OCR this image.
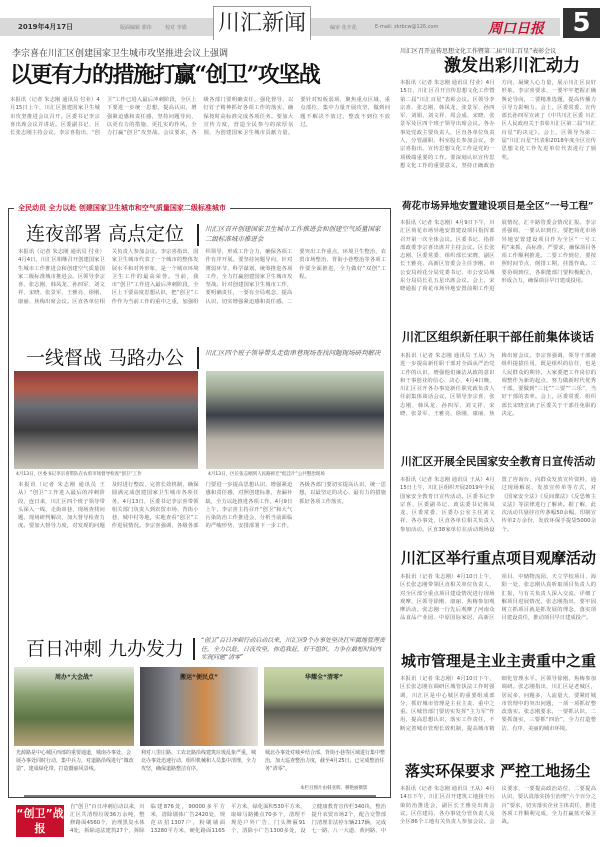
2019年4月17日	版面编辑 郭伟	校对 李娟	编审 花开花	E-mail: zkrbcw@126.com
川汇新闻	周口日报	5
李宗喜在川汇区创建国家卫生城市攻坚推进会议上强调
以更有力的措施打赢“创卫”攻坚战
本报讯（记者 朱志刚 通讯员 付业）4月15日上午，川汇区创建国家卫生城市攻坚推进会议召开。区委书记李宗喜出席会议并讲话。区委副书记、区长张志刚主持会议。李宗喜指出，“创卫”工作已进入最后冲刺阶段，全区上下要进一步统一思想，提高认识，增强紧迫感和责任感，坚持问题导向，以更有力的措施、更扎实的作风，全力打赢“创卫”攻坚战。会议要求，各级各部门要明确责任，强化督导，以钉钉子精神抓好各项工作的落实，确保按时高标准完成各项任务。要加大宣传力度，营造全民参与的浓厚氛围，为创建国家卫生城市贡献力量。要针对短板弱项，聚焦重点区域、重点部位，集中力量开展攻坚，做到问题不解决不放过，整改不到位不放过。
全民动员 全力以赴 创建国家卫生城市和空气质量国家二级标准城市
连夜部署 高点定位	川汇区召开创建国家卫生城市工作推进会和创建空气质量国家二级标准城市推进会
本报讯（记者 朱志刚 通讯员 付业）4月4日，川汇区相继召开创建国家卫生城市工作推进会和创建空气质量国家二级标准城市推进会。区领导李宗喜、张志刚、韩凤龙、孙四军、刘文祥、宋晓、张景军、王雅亮、徐刚、康丽、焦梅出席会议。区直各单位相关负责人参加会议。李宗喜指出，国家卫生城市代表了一个城市的整体发展水平和对外形象，是一个城市环境卫生工作的最高荣誉。当前，我市“创卫”工作进入最后冲刺阶段，全区上下要高度思想认识，把“创卫”工作作为当前工作的重中之重，加强组织领导，形成工作合力，确保各项工作有序开展。要坚持问题导向，针对薄弱环节，科学谋划，统筹推进各项工作，全力打赢创建国家卫生城市攻坚战。针对创建国家卫生城市工作，要明确责任，一要有全局观念，提高认识，切实增强紧迫感和责任感。二要突出工作重点，环境卫生整治、农贸市场整治、背街小巷整治等各项工作要全面推进，全力做好“双创”工程。
一线督战 马路办公	川汇区四个班子领导带头走街串巷现场查找问题现场研判解决
4月13日，区委书记李宗喜带队在农贸市场督导检查“创卫”工作	4月13日，区长张志刚到人民路拆迁“低洼片”公共整治现场
本报讯（记者 朱志刚 通讯员 王从）“创卫”工作进入最后的冲刺阶段，连日来，川汇区四个班子领导带头深入一线，走街串巷，现场查找问题，现场研判解决，加大督导检查力度。要加大督导力度，对发现的问题及时进行整改，完善长效机制，确保圆满完成创建国家卫生城市各项任务。4月13日，区委书记李宗喜带领相关部门负责人到农贸市场、背街小巷、城中村等地，实地查看“创卫”工作进展情况。李宗喜强调，各级各部门要进一步提高思想认识，增强紧迫感和责任感，对照创建标准，查漏补缺，全力以赴推进各项工作。4月9日上午，李宗喜主持召开“创卫”和大气污染防治工作推进会，分析当前面临的严峻形势，安排部署下一步工作，各级各部门要切实提高认识，统一思想，以最坚定的决心、最有力的措施抓好各项工作落实。
百日冲刺 九办发力	“创卫”百日冲刺行动启动以来，川汇区9个办事处坚决扛牢属地管理责任，全力以赴，日夜攻坚，你追我赶，好干组织，力争在最短时间内实现问题“清零”
周办“大会战”	搬运“便民点”	华耀全“清零”
光源路是中心城区西部的重要通道，城南办事处、会展办事处同时行动，集中兵力，对道路沿线进行“微改造”，建成绿化带，打造靓丽风景线。
利对八里庄路、工农北路沿线建筑垃圾乱象严重，城北办事处迅速行动，组织机械和人员集中清理，全力攻坚，确保道路整洁有序。
城北办事处对城乡结合部、背街小巷等区域进行集中整治，加大巡查整治力度，截至4月25日，已完成整治任务“清零”。
本栏目图片由韩亚辉、穆艳丽摄影
“创卫”战报
自“创卫”百日冲刺启动以来，川汇区共清理垃圾36万余吨，整修路面4560个，治理黑臭水体4处，拆除违法建筑27个，拆除临建876处，90000多平方米，清除墙体广告2420处，规范店招1307户，粉刷墙面13280平方米，硬化路面1165平方米，绿化面积530平方米，取缔马路摊点70多个，清理不规范户外广告，门头牌匾91个，清除小广告1300多处，设立健康教育宣传栏340块，整治提升农贸市场2个，配合交警部门清理非法停车辆217辆，完成七一路、八一大道、黄河路、中
川汇区召开宣传思想文化工作暨第二届“川汇百星”表彰会议
激发出彩川汇动力
本报讯（记者 朱志刚 通讯员 付业）4月15日，川汇区召开宣传思想文化工作暨第二届“川汇百星”表彰会议。区领导李宗喜、张志刚、韩凤龙、张景军、孙四军、刘娟、刘文祥、周会成、宋晓、张景军及区四个班子领导出席会议。各办事处党政主要负责人，区直各单位负责人，分管副职、科室股长参加会议。李宗喜指出，宣传思想文化工作是党的一项极端重要的工作。要深刻认识宣传思想文化工作的重要意义，坚持正确政治方向，凝聚人心力量，展示川汇区良好形象。李宗喜要求，一要牢牢把握正确舆论导向，二要精准选题，提高传播力引导力影响力。会上，区委常委、宣传部长孙四军宣读了《中共川汇区委 川汇区人民政府关于表彰川汇区第二届“川汇百星”的决定》。会上，区领导为第二届“川汇百星”代表和2018年度全区宣传思想文化工作先进单位代表进行了颁奖。
荷花市场异地安置建设项目是全区“一号工程”
本报讯（记者 朱志刚）4月9日下午，川汇区荷花市场异地安置建设项目指挥部召开第一次全体会议。区委书记、指挥部政委李宗喜出席并主持会议。区长张志刚、区委常委、组织部长宋晓、副区长王雅亮、高新区管委会主任李刚、市公安局荷花分局党委书记、市公安局城东分局局长孔五星出席会议。会上，宋晓通报了荷花市场异地安置前期工作进展情况，汇丰路管委会情况汇报。李宗喜强调，一要认识到位，要把荷花市场异地安置建设项目作为全区“一号工程”来抓，高标准、严要求，确保项目各项工作顺利推进。二要工作到位，要按照时间节点，倒排工期，挂图作战。三要协调到位，各职能部门要积极配合，形成合力，确保项目早日建成投用。
川汇区组织新任职干部任前集体谈话
本报讯（记者 朱志刚 通讯员 王从）为进一步提高新任职干部对全面从严治党工作的认识，增强他们廉洁从政的意识和干事创业的信心、决心，4月4日晚，川汇区召开各办事处新任职党政负责人任前集体谈话会议。区领导李宗喜、张志刚、韩凤龙、孙四军、刘文祥、宋晓、张景军、王雅亮、徐刚、康丽、焦梅出席会议。李宗喜强调，领导干部被组织提拔任用，既是组织的信任，也是人民群众的期待。大家要把工作岗位的调整作为新的起点，努力做新时代优秀干部。要做到“三比”“三要”“三乐”，当好干部的表率。会上，区委常委、组织部长宋晓宣读了区委关于干部任免职的决定。
川汇区开展全民国家安全教育日宣传活动
本报讯（记者 朱志刚 通讯员 王从）4月15日上午，川汇区组织开展2019年全民国家安全教育日宣传活动。区委书记李宗喜、区委副书记、政法委书记韩凤龙、区委常委、区委办公室主任刘文祥、各办事处、区直各单位相关负责人参加活动。区直38家单位在活动现场设置了咨询台，向群众发放宣传资料，通过现场解说、发放宣传单等方式，对《国家安全法》《反间谍法》《反恐怖主义法》等法律进行了解读。据了解，此次活动共悬挂宣传条幅50余幅，印制宣传单2万余份，发放环保手提袋5000余个。
川汇区举行重点项目观摩活动
本报讯（记者 朱志刚）4月10日上午，区长张志刚带领区直相关单位负责人，对全区部分重点项目建设情况进行现场观摩，区领导徐刚、康丽、焦梅参加观摩活动。张志刚一行先后观摩了河南众品食品产业园、中原国际家居、高新区项目、中储物流园、天立学校项目、海阳一处、张志刚认真听取项目负责人的汇报，与有关负责人深入交流，详细了解项目进展情况。张志刚指出，要牢固树立抓项目就是抓发展的理念，落实项目建设责任，推动项目早日建成投产。
城市管理是主业主责重中之重
本报讯（记者 朱志刚）4月10日下午，区长张志刚在调研区城管执法工作时强调，川汇区是中心城区的重要组成部分，抓好城市管理是主业主责、重中之重。区城管部门要切实发挥“主力军”作用，提高思想认识，落实工作责任，不断完善城市管理长效机制，提高城市精细化管理水平。区领导徐刚、焦梅参加调研。张志刚指出，川汇区是老城区，居民多，问题多，人流量大，要紧盯城市管理中的突出问题，一项一项抓好整改落实。张志刚要求，一要抓认识，二要抓落实，三要抓“四治”，全力打造整洁、有序、美丽的城市环境。
落实环保要求 严控工地扬尘
本报讯（记者 朱志刚 通讯员 王从）4月14日下午，川汇区召开建筑工地扬尘污染防治推进会，副区长王雅亮出席会议。区住建局、各办事处分管负责人及全区86个工地有关负责人参加会议。会议要求，一要提高政治站位，二要提高认识，要认真落实扬尘治理“六个百分之百”要求，切实落实企业主体责任，推进各项工作顺利完成，全力打赢蓝天保卫战。
